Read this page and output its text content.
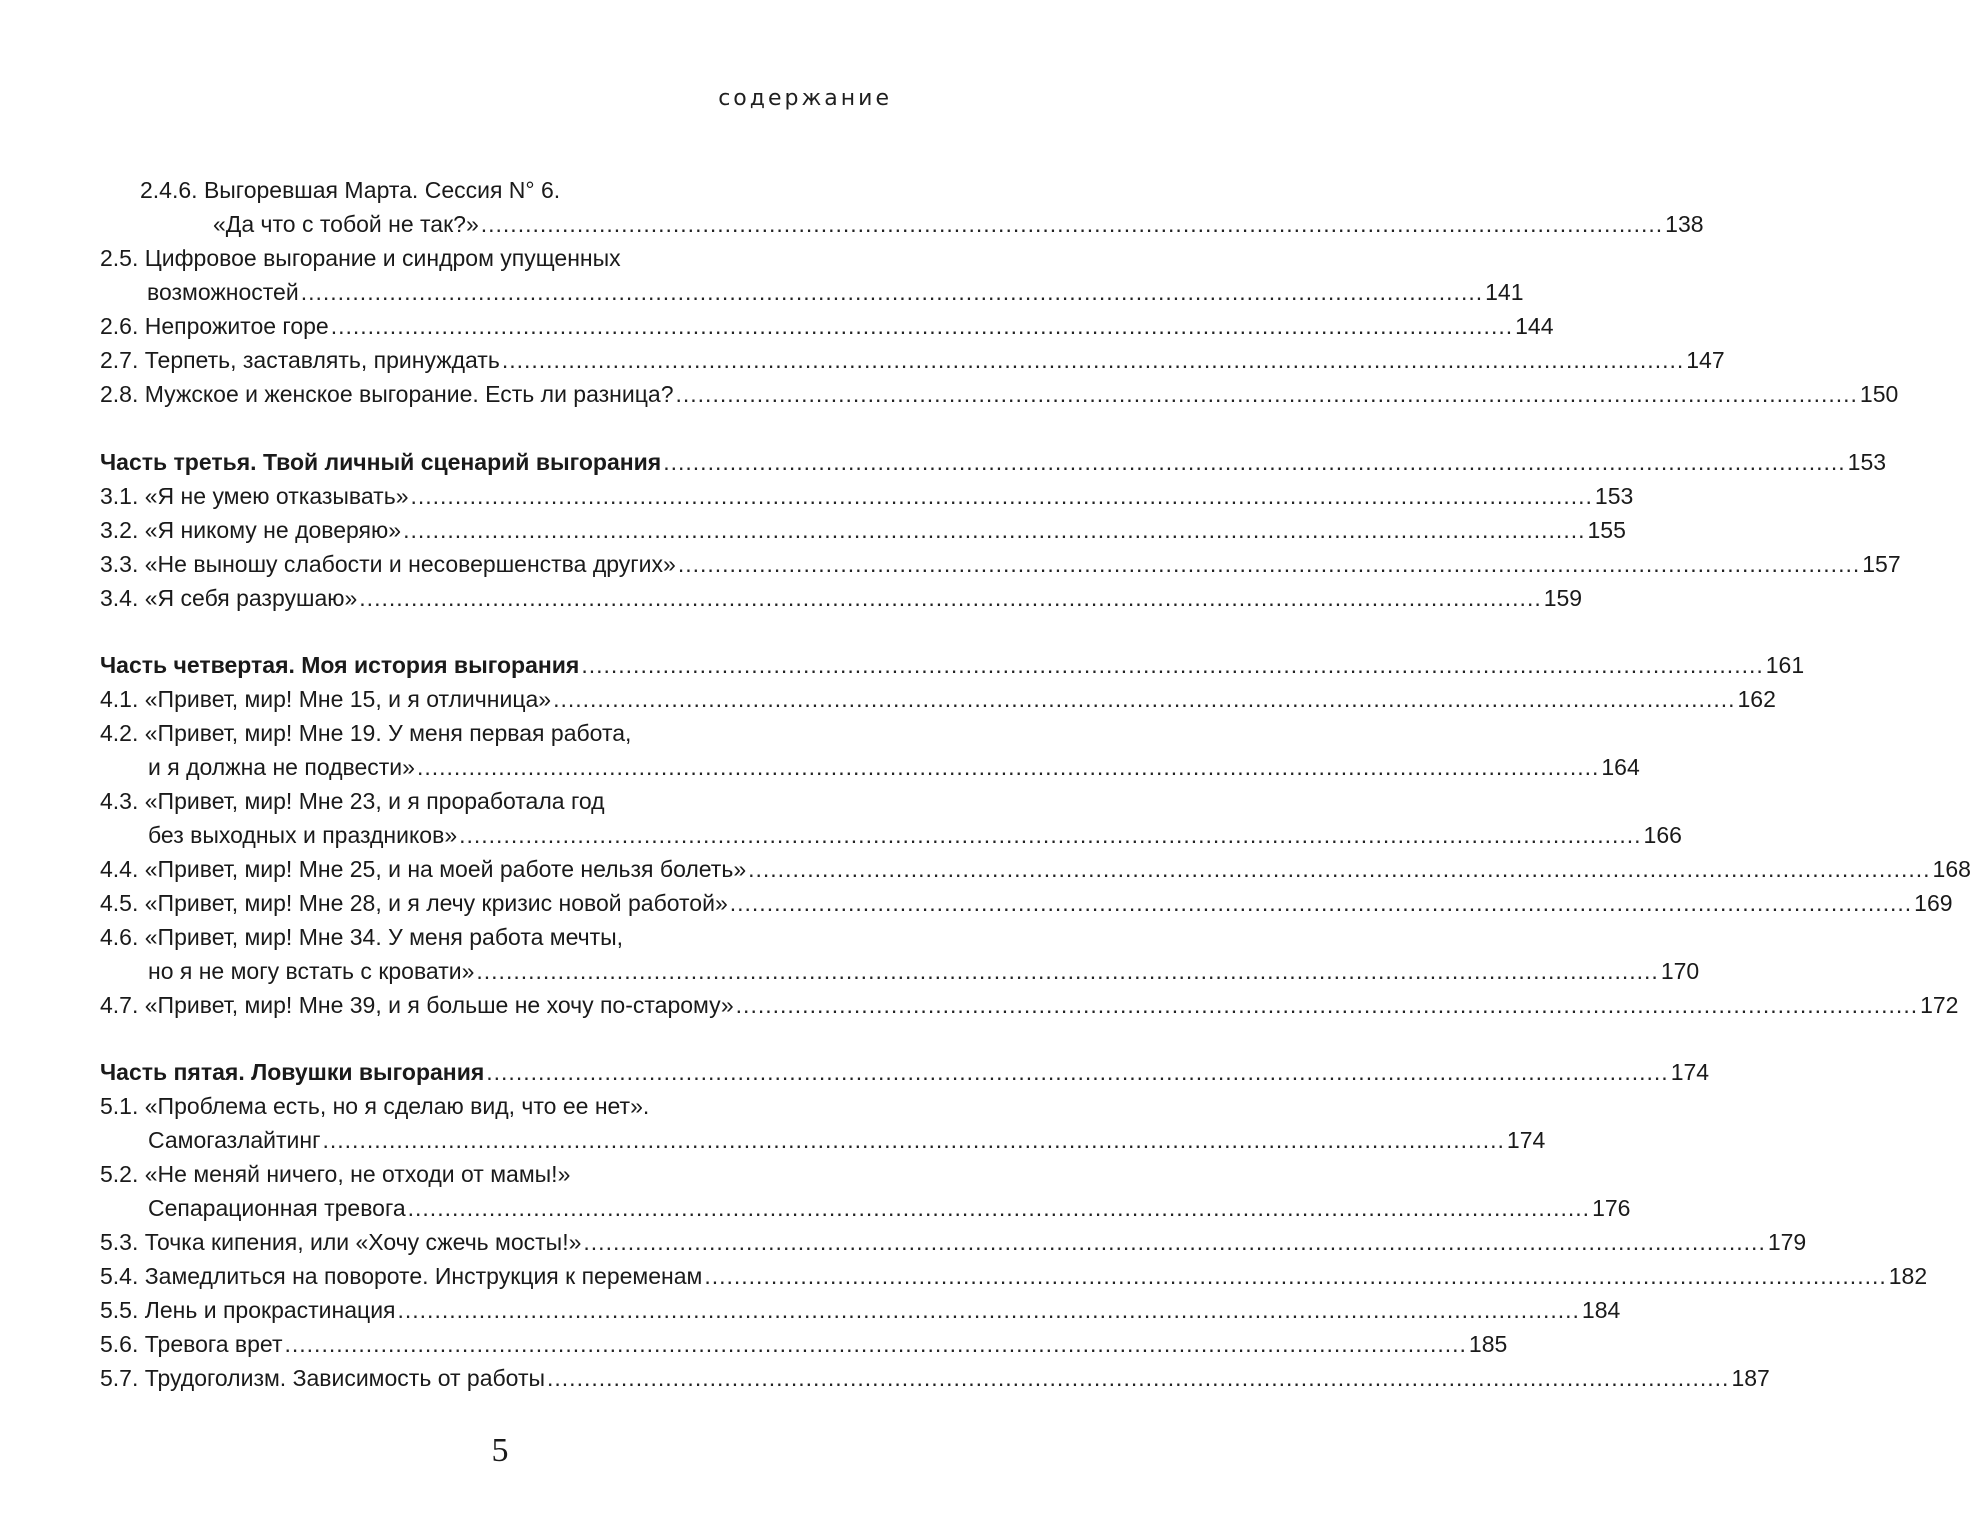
содержание
2.4.6. Выгоревшая Марта. Сессия N° 6.
«Да что с тобой не так?» ................................................................................................................................................................ 138
2.5. Цифровое выгорание и синдром упущенных
возможностей ................................................................................................................................................................ 141
2.6. Непрожитое горе ................................................................................................................................................................ 144
2.7. Терпеть, заставлять, принуждать ................................................................................................................................................................ 147
2.8. Мужское и женское выгорание. Есть ли разница? ................................................................................................................................................................ 150
Часть третья. Твой личный сценарий выгорания ................................................................................................................................................................ 153
3.1. «Я не умею отказывать» ................................................................................................................................................................ 153
3.2. «Я никому не доверяю» ................................................................................................................................................................ 155
3.3. «Не выношу слабости и несовершенства других» ................................................................................................................................................................ 157
3.4. «Я себя разрушаю» ................................................................................................................................................................ 159
Часть четвертая. Моя история выгорания ................................................................................................................................................................ 161
4.1. «Привет, мир! Мне 15, и я отличница» ................................................................................................................................................................ 162
4.2. «Привет, мир! Мне 19. У меня первая работа,
и я должна не подвести» ................................................................................................................................................................ 164
4.3. «Привет, мир! Мне 23, и я проработала год
без выходных и праздников» ................................................................................................................................................................ 166
4.4. «Привет, мир! Мне 25, и на моей работе нельзя болеть» ................................................................................................................................................................ 168
4.5. «Привет, мир! Мне 28, и я лечу кризис новой работой» ................................................................................................................................................................ 169
4.6. «Привет, мир! Мне 34. У меня работа мечты,
но я не могу встать с кровати» ................................................................................................................................................................ 170
4.7. «Привет, мир! Мне 39, и я больше не хочу по-старому» ................................................................................................................................................................ 172
Часть пятая. Ловушки выгорания ................................................................................................................................................................ 174
5.1. «Проблема есть, но я сделаю вид, что ее нет».
Самогазлайтинг ................................................................................................................................................................ 174
5.2. «Не меняй ничего, не отходи от мамы!»
Сепарационная тревога ................................................................................................................................................................ 176
5.3. Точка кипения, или «Хочу сжечь мосты!» ................................................................................................................................................................ 179
5.4. Замедлиться на повороте. Инструкция к переменам ................................................................................................................................................................ 182
5.5. Лень и прокрастинация ................................................................................................................................................................ 184
5.6. Тревога врет ................................................................................................................................................................ 185
5.7. Трудоголизм. Зависимость от работы ................................................................................................................................................................ 187
5
